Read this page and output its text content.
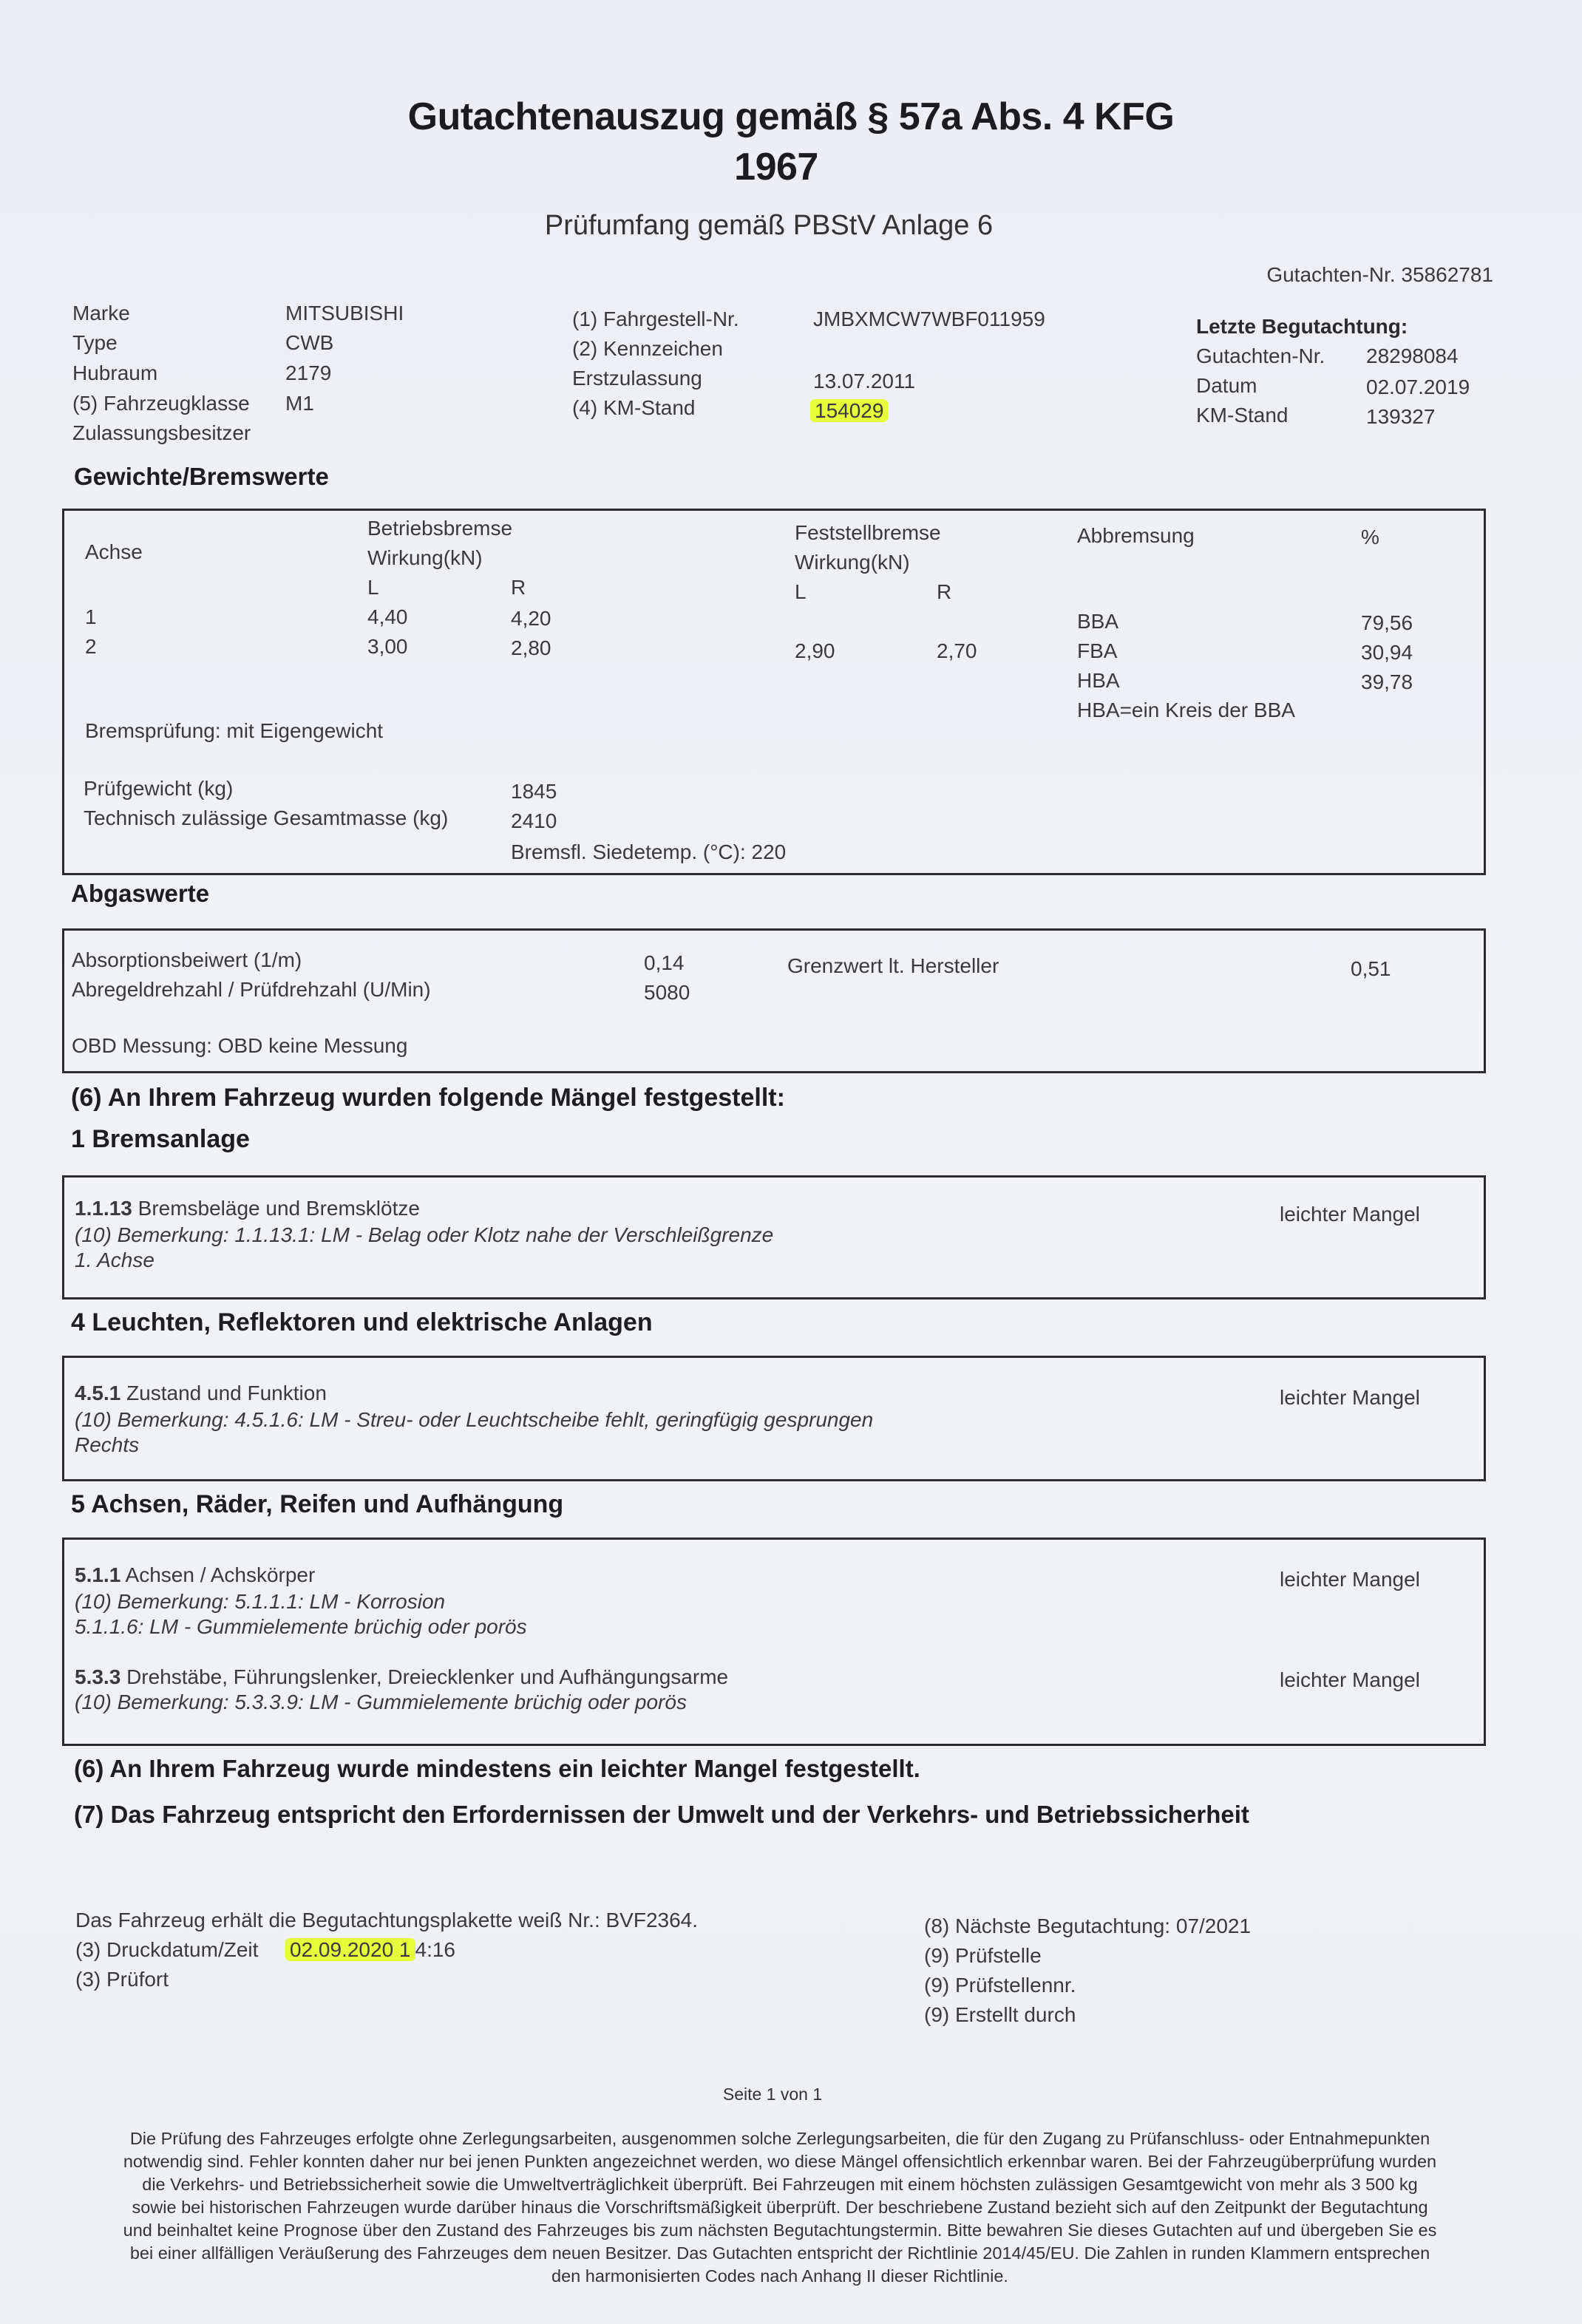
Gutachtenauszug gemäß § 57a Abs. 4 KFG
1967
Prüfumfang gemäß PBStV Anlage 6
Gutachten-Nr. 35862781
Marke	MITSUBISHI
Type	CWB
Hubraum	2179
(5) Fahrzeugklasse M1
Zulassungsbesitzer
(1) Fahrgestell-Nr.	JMBXMCW7WBF011959
(2) Kennzeichen
Erstzulassung	13.07.2011
(4) KM-Stand	154029
Letzte Begutachtung:
Gutachten-Nr. 28298084
Datum	02.07.2019
KM-Stand	139327
Gewichte/Bremswerte
Achse
Betriebsbremse
Wirkung(kN)
L	R
Feststellbremse
Wirkung(kN)
L	R
Abbremsung	%
1	4,40	4,20
2	3,00	2,80	2,90	2,70
BBA	79,56
FBA	30,94
HBA	39,78
HBA=ein Kreis der BBA
Bremsprüfung: mit Eigengewicht
Prüfgewicht (kg)	1845
Technisch zulässige Gesamtmasse (kg)	2410
Bremsfl. Siedetemp. (°C): 220
Abgaswerte
Absorptionsbeiwert (1/m)	0,14	Grenzwert lt. Hersteller	0,51
Abregeldrehzahl / Prüfdrehzahl (U/Min)	5080
OBD Messung: OBD keine Messung
(6) An Ihrem Fahrzeug wurden folgende Mängel festgestellt:
1 Bremsanlage
1.1.13 Bremsbeläge und Bremsklötze
(10) Bemerkung: 1.1.13.1: LM - Belag oder Klotz nahe der Verschleißgrenze
1. Achse
leichter Mangel
4 Leuchten, Reflektoren und elektrische Anlagen
4.5.1 Zustand und Funktion
(10) Bemerkung: 4.5.1.6: LM - Streu- oder Leuchtscheibe fehlt, geringfügig gesprungen
Rechts
leichter Mangel
5 Achsen, Räder, Reifen und Aufhängung
5.1.1 Achsen / Achskörper
(10) Bemerkung: 5.1.1.1: LM - Korrosion
5.1.1.6: LM - Gummielemente brüchig oder porös
leichter Mangel
5.3.3 Drehstäbe, Führungslenker, Dreiecklenker und Aufhängungsarme
(10) Bemerkung: 5.3.3.9: LM - Gummielemente brüchig oder porös
leichter Mangel
(6) An Ihrem Fahrzeug wurde mindestens ein leichter Mangel festgestellt.
(7) Das Fahrzeug entspricht den Erfordernissen der Umwelt und der Verkehrs- und Betriebssicherheit
Das Fahrzeug erhält die Begutachtungsplakette weiß Nr.: BVF2364.
(3) Druckdatum/Zeit 02.09.2020 1 4:16
(3) Prüfort
(8) Nächste Begutachtung: 07/2021
(9) Prüfstelle
(9) Prüfstellennr.
(9) Erstellt durch
Seite 1 von 1
Die Prüfung des Fahrzeuges erfolgte ohne Zerlegungsarbeiten, ausgenommen solche Zerlegungsarbeiten, die für den Zugang zu Prüfanschluss- oder Entnahmepunkten
notwendig sind. Fehler konnten daher nur bei jenen Punkten angezeichnet werden, wo diese Mängel offensichtlich erkennbar waren. Bei der Fahrzeugüberprüfung wurden
die Verkehrs- und Betriebssicherheit sowie die Umweltverträglichkeit überprüft. Bei Fahrzeugen mit einem höchsten zulässigen Gesamtgewicht von mehr als 3 500 kg
sowie bei historischen Fahrzeugen wurde darüber hinaus die Vorschriftsmäßigkeit überprüft. Der beschriebene Zustand bezieht sich auf den Zeitpunkt der Begutachtung
und beinhaltet keine Prognose über den Zustand des Fahrzeuges bis zum nächsten Begutachtungstermin. Bitte bewahren Sie dieses Gutachten auf und übergeben Sie es
bei einer allfälligen Veräußerung des Fahrzeuges dem neuen Besitzer. Das Gutachten entspricht der Richtlinie 2014/45/EU. Die Zahlen in runden Klammern entsprechen
den harmonisierten Codes nach Anhang II dieser Richtlinie.
